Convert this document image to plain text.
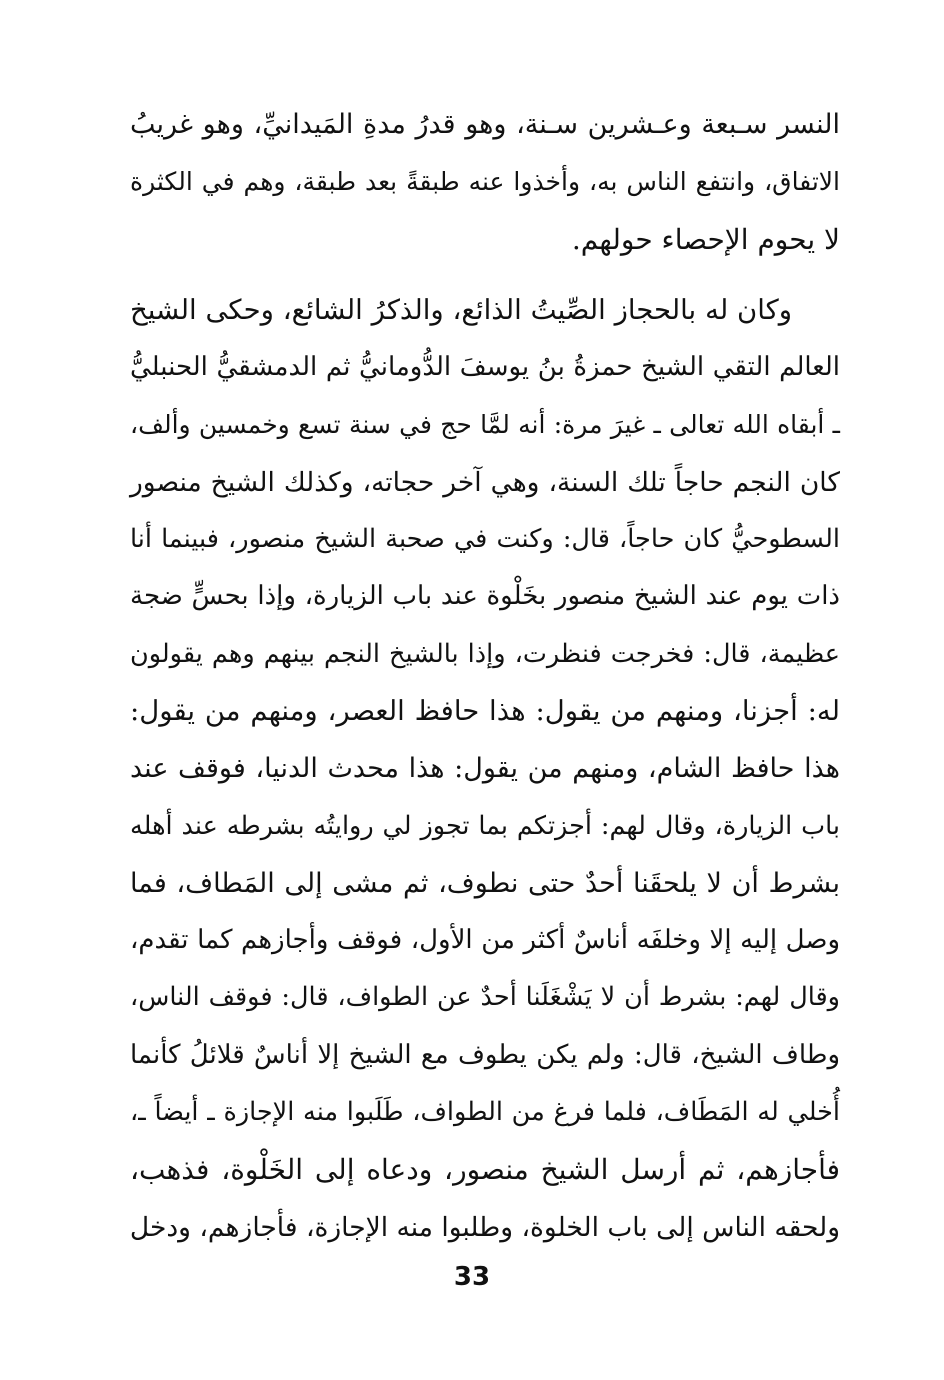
النسر سـبعة وعـشرين سـنة، وهو قدرُ مدةِ المَيدانيِّ، وهو غريبُ
الاتفاق، وانتفع الناس به، وأخذوا عنه طبقةً بعد طبقة، وهم في الكثرة
لا يحوم الإحصاء حولهم.
وكان له بالحجاز الصِّيتُ الذائع، والذكرُ الشائع، وحكى الشيخ
العالم التقي الشيخ حمزةُ بنُ يوسفَ الدُّومانيُّ ثم الدمشقيُّ الحنبليُّ
ـ أبقاه الله تعالى ـ غيرَ مرة: أنه لمَّا حج في سنة تسع وخمسين وألف،
كان النجم حاجاً تلك السنة، وهي آخر حجاته، وكذلك الشيخ منصور
السطوحيُّ كان حاجاً، قال: وكنت في صحبة الشيخ منصور، فبينما أنا
ذات يوم عند الشيخ منصور بخَلْوة عند باب الزيارة، وإذا بحسٍّ ضجة
عظيمة، قال: فخرجت فنظرت، وإذا بالشيخ النجم بينهم وهم يقولون
له: أجزنا، ومنهم من يقول: هذا حافظ العصر، ومنهم من يقول:
هذا حافظ الشام، ومنهم من يقول: هذا محدث الدنيا، فوقف عند
باب الزيارة، وقال لهم: أجزتكم بما تجوز لي روايتُه بشرطه عند أهله
بشرط أن لا يلحقَنا أحدٌ حتى نطوف، ثم مشى إلى المَطاف، فما
وصل إليه إلا وخلفَه أناسٌ أكثر من الأول، فوقف وأجازهم كما تقدم،
وقال لهم: بشرط أن لا يَشْغَلَنا أحدٌ عن الطواف، قال: فوقف الناس،
وطاف الشيخ، قال: ولم يكن يطوف مع الشيخ إلا أناسٌ قلائلُ كأنما
أُخلي له المَطَاف، فلما فرغ من الطواف، طَلَبوا منه الإجازة ـ أيضاً ـ،
فأجازهم، ثم أرسل الشيخ منصور، ودعاه إلى الخَلْوة، فذهب،
ولحقه الناس إلى باب الخلوة، وطلبوا منه الإجازة، فأجازهم، ودخل
33
